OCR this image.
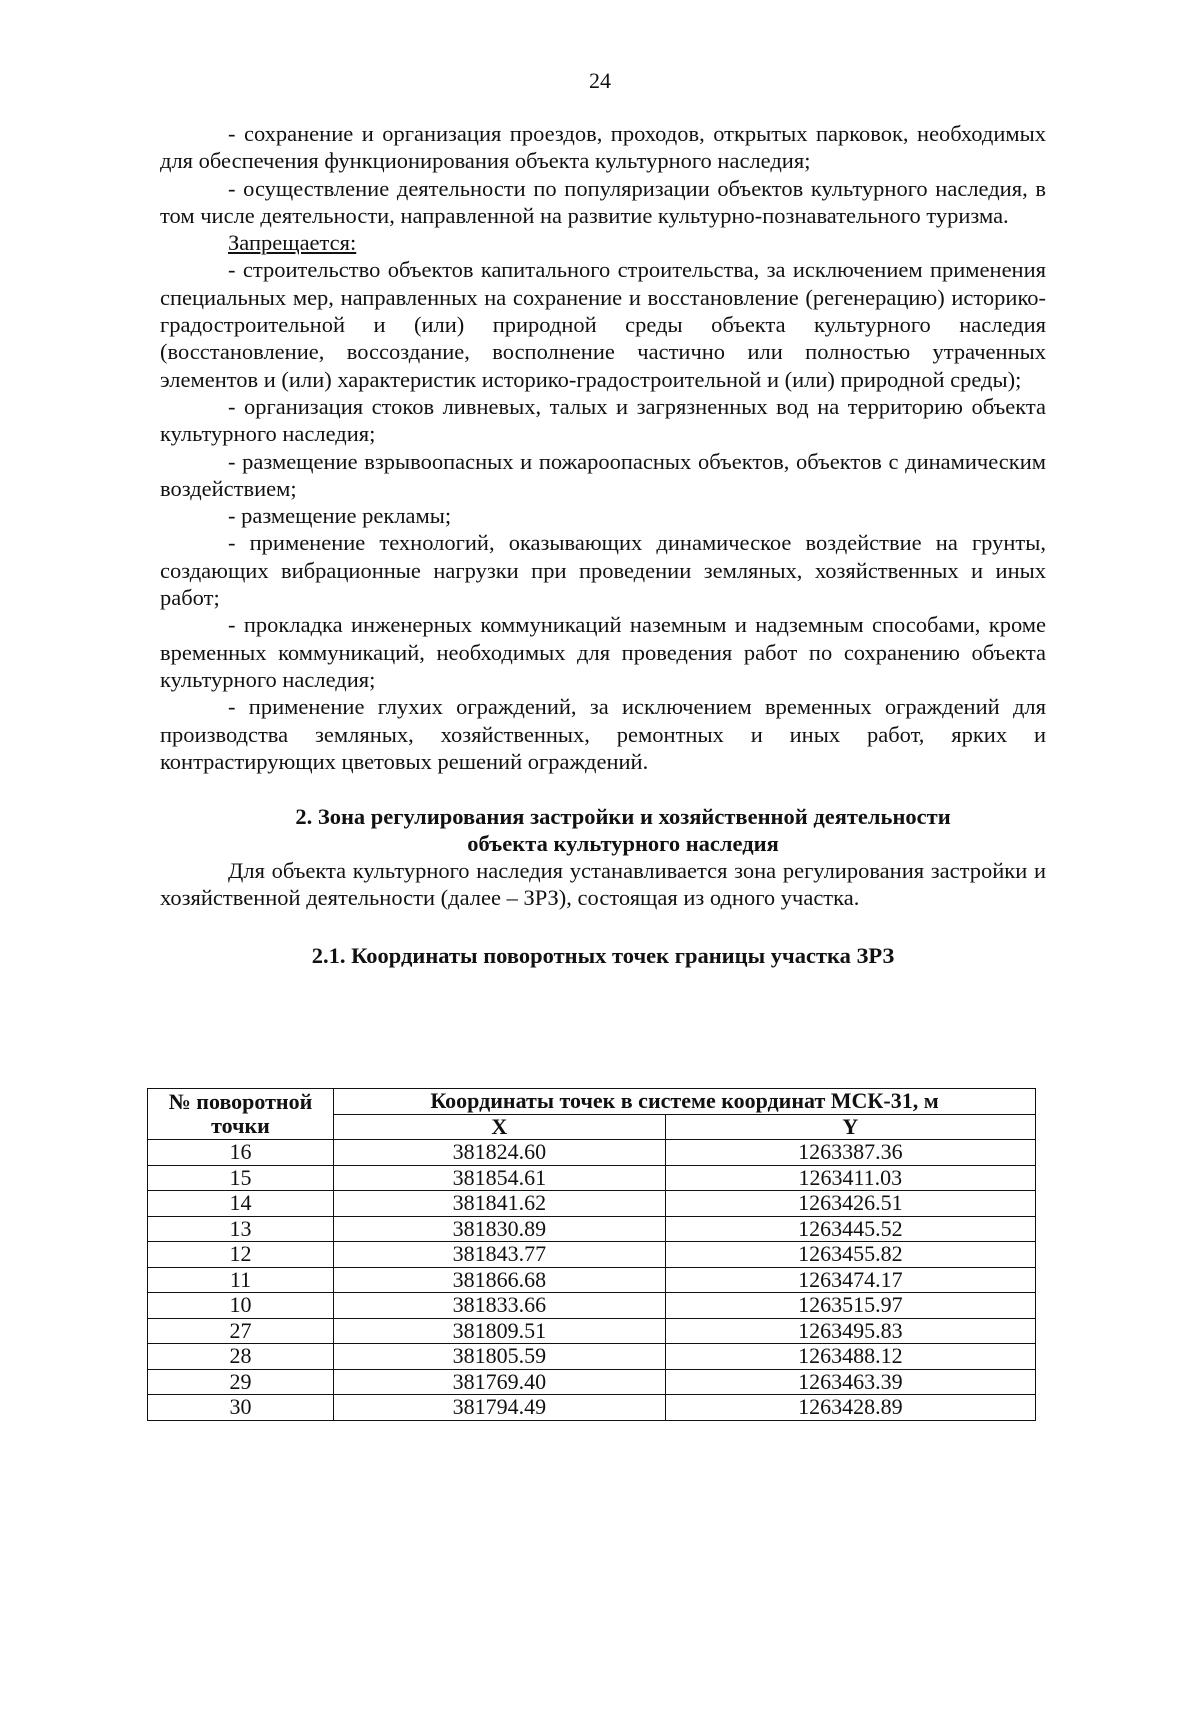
24

- сохранение и организация проездов, проходов, открытых парковок, необходимых для обеспечения функционирования объекта культурного наследия;

- осуществление деятельности по популяризации объектов культурного наследия, в том числе деятельности, направленной на развитие культурно-познавательного туризма.

Запрещается:

- строительство объектов капитального строительства, за исключением применения специальных мер, направленных на сохранение и восстановление (регенерацию) историко-градостроительной и (или) природной среды объекта культурного наследия (восстановление, воссоздание, восполнение частично или полностью утраченных элементов и (или) характеристик историко-градостроительной и (или) природной среды);

- организация стоков ливневых, талых и загрязненных вод на территорию объекта культурного наследия;

- размещение взрывоопасных и пожароопасных объектов, объектов с динамическим воздействием;

- размещение рекламы;

- применение технологий, оказывающих динамическое воздействие на грунты, создающих вибрационные нагрузки при проведении земляных, хозяйственных и иных работ;

- прокладка инженерных коммуникаций наземным и надземным способами, кроме временных коммуникаций, необходимых для проведения работ по сохранению объекта культурного наследия;

- применение глухих ограждений, за исключением временных ограждений для производства земляных, хозяйственных, ремонтных и иных работ, ярких и контрастирующих цветовых решений ограждений.

2. Зона регулирования застройки и хозяйственной деятельности
объекта культурного наследия

Для объекта культурного наследия устанавливается зона регулирования застройки и хозяйственной деятельности (далее – ЗРЗ), состоящая из одного участка.

2.1. Координаты поворотных точек границы участка ЗРЗ
№ поворотной
точки	Координаты точек в системе координат МСК-31, м	
	X	Y
16	381824.60	1263387.36
15	381854.61	1263411.03
14	381841.62	1263426.51
13	381830.89	1263445.52
12	381843.77	1263455.82
11	381866.68	1263474.17
10	381833.66	1263515.97
27	381809.51	1263495.83
28	381805.59	1263488.12
29	381769.40	1263463.39
30	381794.49	1263428.89
